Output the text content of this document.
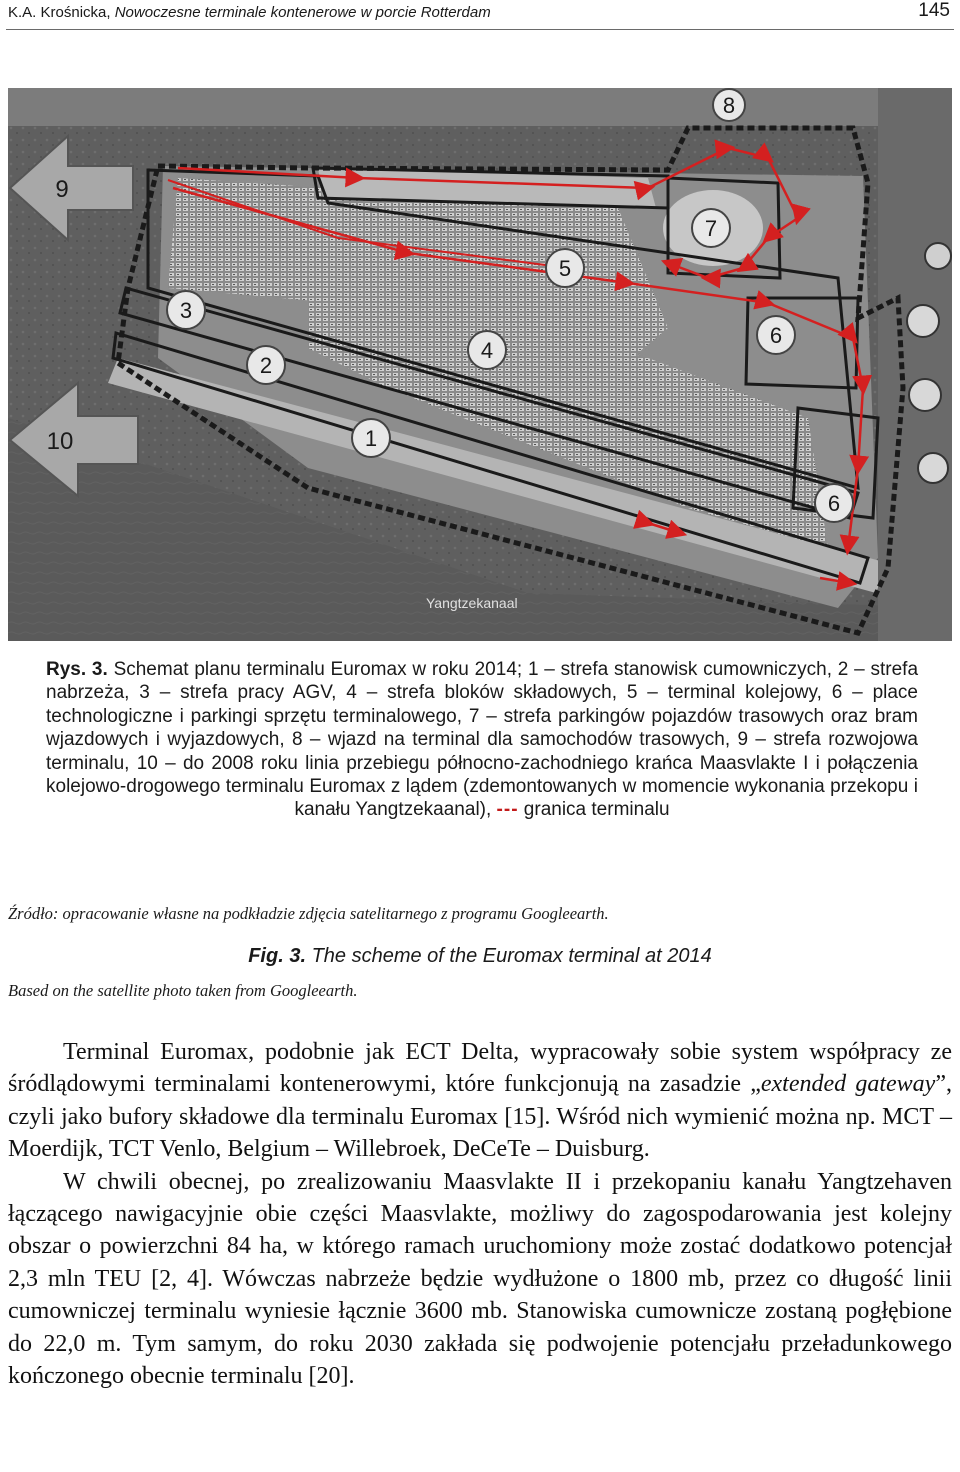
K.A. Krośnicka, Nowoczesne terminale kontenerowe w porcie Rotterdam	145
1
2
3
4
5
6
6
7
8
9
10
Yangtzekanaal
Rys. 3. Schemat planu terminalu Euromax w roku 2014; 1 – strefa stanowisk cumowniczych, 2 – strefa nabrzeża, 3 – strefa pracy AGV, 4 – strefa bloków składowych, 5 – terminal kolejowy, 6 – place technologiczne i parkingi sprzętu terminalowego, 7 – strefa parkingów pojazdów trasowych oraz bram wjazdowych i wyjazdowych, 8 – wjazd na terminal dla samochodów trasowych, 9 – strefa rozwojowa terminalu, 10 – do 2008 roku linia przebiegu północno-zachodniego krańca Maasvlakte I i połączenia kolejowo-drogowego terminalu Euromax z lądem (zdemontowanych w momencie wykonania przekopu i kanału Yangtzekaanal), --- granica terminalu
Źródło: opracowanie własne na podkładzie zdjęcia satelitarnego z programu Googleearth.
Fig. 3. The scheme of the Euromax terminal at 2014
Based on the satellite photo taken from Googleearth.

Terminal Euromax, podobnie jak ECT Delta, wypracowały sobie system współpracy ze śródlądowymi terminalami kontenerowymi, które funkcjonują na zasadzie „extended gateway”, czyli jako bufory składowe dla terminalu Euromax [15]. Wśród nich wymienić można np. MCT – Moerdijk, TCT Venlo, Belgium – Willebroek, DeCeTe – Duisburg.

W chwili obecnej, po zrealizowaniu Maasvlakte II i przekopaniu kanału Yangtzehaven łączącego nawigacyjnie obie części Maasvlakte, możliwy do zagospodarowania jest kolejny obszar o powierzchni 84 ha, w którego ramach uruchomiony może zostać dodatkowo potencjał 2,3 mln TEU [2, 4]. Wówczas nabrzeże będzie wydłużone o 1800 mb, przez co długość linii cumowniczej terminalu wyniesie łącznie 3600 mb. Stanowiska cumownicze zostaną pogłębione do 22,0 m. Tym samym, do roku 2030 zakłada się podwojenie potencjału przeładunkowego kończonego obecnie terminalu [20].
